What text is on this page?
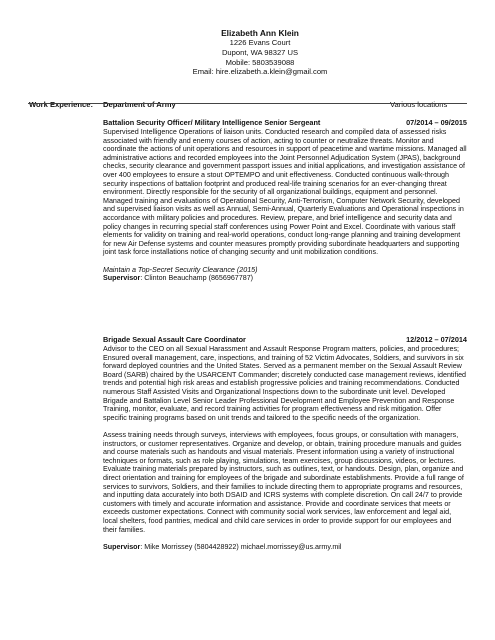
Elizabeth Ann Klein
1226 Evans Court
Dupont, WA 98327 US
Mobile: 5803539088
Email: hire.elizabeth.a.klein@gmail.com
Work Experience: Department of Army	Various locations
Battalion Security Officer/ Military Intelligence Senior Sergeant	07/2014 – 09/2015

Supervised Intelligence Operations of liaison units. Conducted research and compiled data of assessed risks associated with friendly and enemy courses of action, acting to counter or neutralize threats. Monitor and coordinate the actions of unit operations and resources in support of peacetime and wartime missions. Managed all administrative actions and recorded employees into the Joint Personnel Adjudication System (JPAS), background checks, security clearance and government passport issues and initial applications, and investigation assistance of over 400 employees to ensure a stout OPTEMPO and unit effectiveness. Conducted continuous walk-through security inspections of battalion footprint and produced real-life training scenarios for an ever-changing threat environment. Directly responsible for the security of all organizational buildings, equipment and personnel. Managed training and evaluations of Operational Security, Anti-Terrorism, Computer Network Security, developed and supervised liaison visits as well as Annual, Semi-Annual, Quarterly Evaluations and Operational inspections in accordance with military policies and procedures. Review, prepare, and brief intelligence and security data and policy changes in recurring special staff conferences using Power Point and Excel. Coordinate with various staff elements for validity on training and real-world operations, conduct long-range planning and training development for new Air Defense systems and counter measures promptly providing subordinate headquarters and supporting joint task force installations notice of changing security and unit mobilization conditions.

Maintain a Top-Secret Security Clearance (2015)

Supervisor: Clinton Beauchamp (8656967787)

Brigade Sexual Assault Care Coordinator	12/2012 – 07/2014

Advisor to the CEO on all Sexual Harassment and Assault Response Program matters, policies, and procedures; Ensured overall management, care, inspections, and training of 52 Victim Advocates, Soldiers, and survivors in six forward deployed countries and the United States. Served as a permanent member on the Sexual Assault Review Board (SARB) chaired by the USARCENT Commander; discretely conducted case management reviews, identified trends and potential high risk areas and establish progressive policies and training recommendations. Conducted numerous Staff Assisted Visits and Organizational Inspections down to the subordinate unit level. Developed Brigade and Battalion Level Senior Leader Professional Development and Employee Prevention and Response Training, monitor, evaluate, and record training activities for program effectiveness and risk mitigation. Offer specific training programs based on unit trends and tailored to the specific needs of the organization.

Assess training needs through surveys, interviews with employees, focus groups, or consultation with managers, instructors, or customer representatives. Organize and develop, or obtain, training procedure manuals and guides and course materials such as handouts and visual materials. Present information using a variety of instructional techniques or formats, such as role playing, simulations, team exercises, group discussions, videos, or lectures. Evaluate training materials prepared by instructors, such as outlines, text, or handouts. Design, plan, organize and direct orientation and training for employees of the brigade and subordinate establishments. Provide a full range of services to survivors, Soldiers, and their families to include directing them to appropriate programs and resources, and inputting data accurately into both DSAID and ICRS systems with complete discretion. On call 24/7 to provide customers with timely and accurate information and assistance. Provide and coordinate services that meets or exceeds customer expectations. Connect with community social work services, law enforcement and legal aid, local shelters, food pantries, medical and child care services in order to provide support for our employees and their families.

Supervisor: Mike Morrissey (5804428922) michael.morrissey@us.army.mil
